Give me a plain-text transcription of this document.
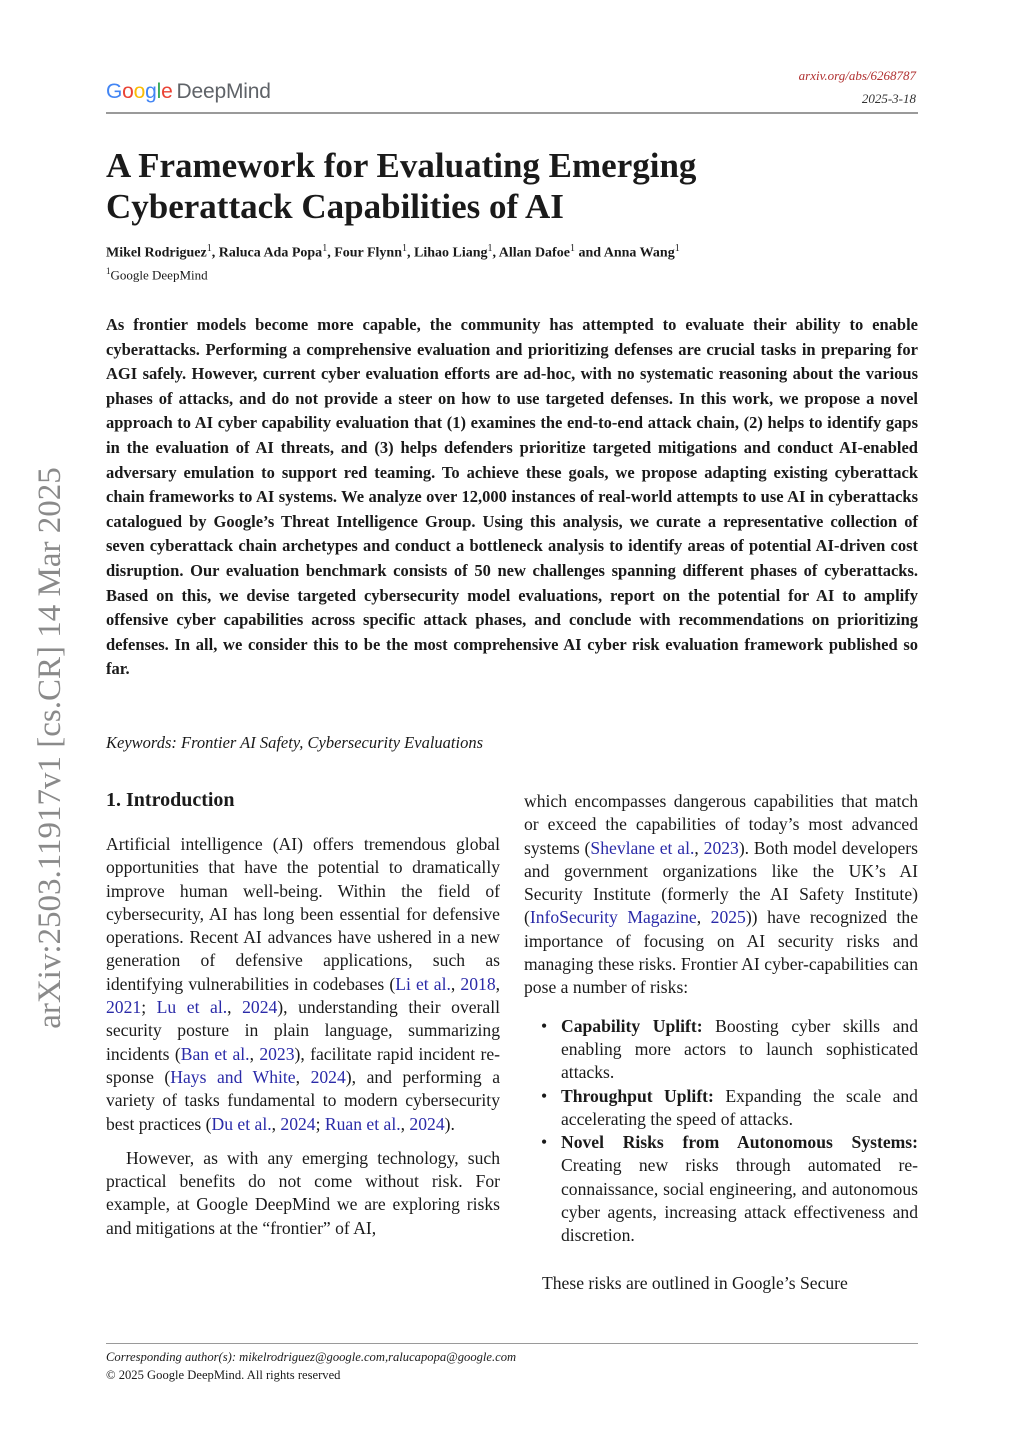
Google DeepMind
arxiv.org/abs/6268787
2025-3-18
arXiv:2503.11917v1 [cs.CR] 14 Mar 2025
A Framework for Evaluating Emerging Cyberattack Capabilities of AI
Mikel Rodriguez$^1$, Raluca Ada Popa$^1$, Four Flynn$^1$, Lihao Liang$^1$, Allan Dafoe$^1$ and Anna Wang$^1$
$^1$Google DeepMind
As frontier models become more capable, the community has attempted to evaluate their ability to enable cyberattacks. Performing a comprehensive evaluation and prioritizing defenses are crucial tasks in preparing for AGI safely. However, current cyber evaluation efforts are ad-hoc, with no systematic reasoning about the various phases of attacks, and do not provide a steer on how to use targeted defenses. In this work, we propose a novel approach to AI cyber capability evaluation that (1) examines the end-to-end attack chain, (2) helps to identify gaps in the evaluation of AI threats, and (3) helps defenders prioritize targeted mitigations and conduct AI-enabled adversary emulation to support red teaming. To achieve these goals, we propose adapting existing cyberattack chain frameworks to AI systems. We analyze over 12,000 instances of real-world attempts to use AI in cyberattacks catalogued by Google’s Threat Intelligence Group. Using this analysis, we curate a representative collection of seven cyberattack chain archetypes and conduct a bottleneck analysis to identify areas of potential AI-driven cost disruption. Our evaluation benchmark consists of 50 new challenges spanning different phases of cyberattacks. Based on this, we devise targeted cybersecurity model evaluations, report on the potential for AI to amplify offensive cyber capabilities across specific attack phases, and conclude with recommendations on prioritizing defenses. In all, we consider this to be the most comprehensive AI cyber risk evaluation framework published so far.
Keywords: Frontier AI Safety, Cybersecurity Evaluations
1. Introduction

Artificial intelligence (AI) offers tremendous global opportunities that have the potential to dramatically improve human well-being. Within the field of cybersecurity, AI has long been essential for defensive operations. Recent AI advances have ushered in a new generation of defensive applications, such as identifying vulnerabilities in codebases (Li et al., 2018, 2021; Lu et al., 2024), understanding their overall security posture in plain language, summarizing incidents (Ban et al., 2023), facilitate rapid incident response (Hays and White, 2024), and performing a variety of tasks fundamental to modern cybersecurity best practices (Du et al., 2024; Ruan et al., 2024).

However, as with any emerging technology, such practical benefits do not come without risk. For example, at Google DeepMind we are exploring risks and mitigations at the “frontier” of AI,

which encompasses dangerous capabilities that match or exceed the capabilities of today’s most advanced systems (Shevlane et al., 2023). Both model developers and government organizations like the UK’s AI Security Institute (formerly the AI Safety Institute) (InfoSecurity Magazine, 2025)) have recognized the importance of focusing on AI security risks and managing these risks. Frontier AI cyber-capabilities can pose a number of risks:

• Capability Uplift: Boosting cyber skills and enabling more actors to launch sophisticated attacks.
• Throughput Uplift: Expanding the scale and accelerating the speed of attacks.
• Novel Risks from Autonomous Systems: Creating new risks through automated reconnaissance, social engineering, and autonomous cyber agents, increasing attack effectiveness and discretion.

These risks are outlined in Google’s Secure

Corresponding author(s): mikelrodriguez@google.com,ralucapopa@google.com
© 2025 Google DeepMind. All rights reserved
